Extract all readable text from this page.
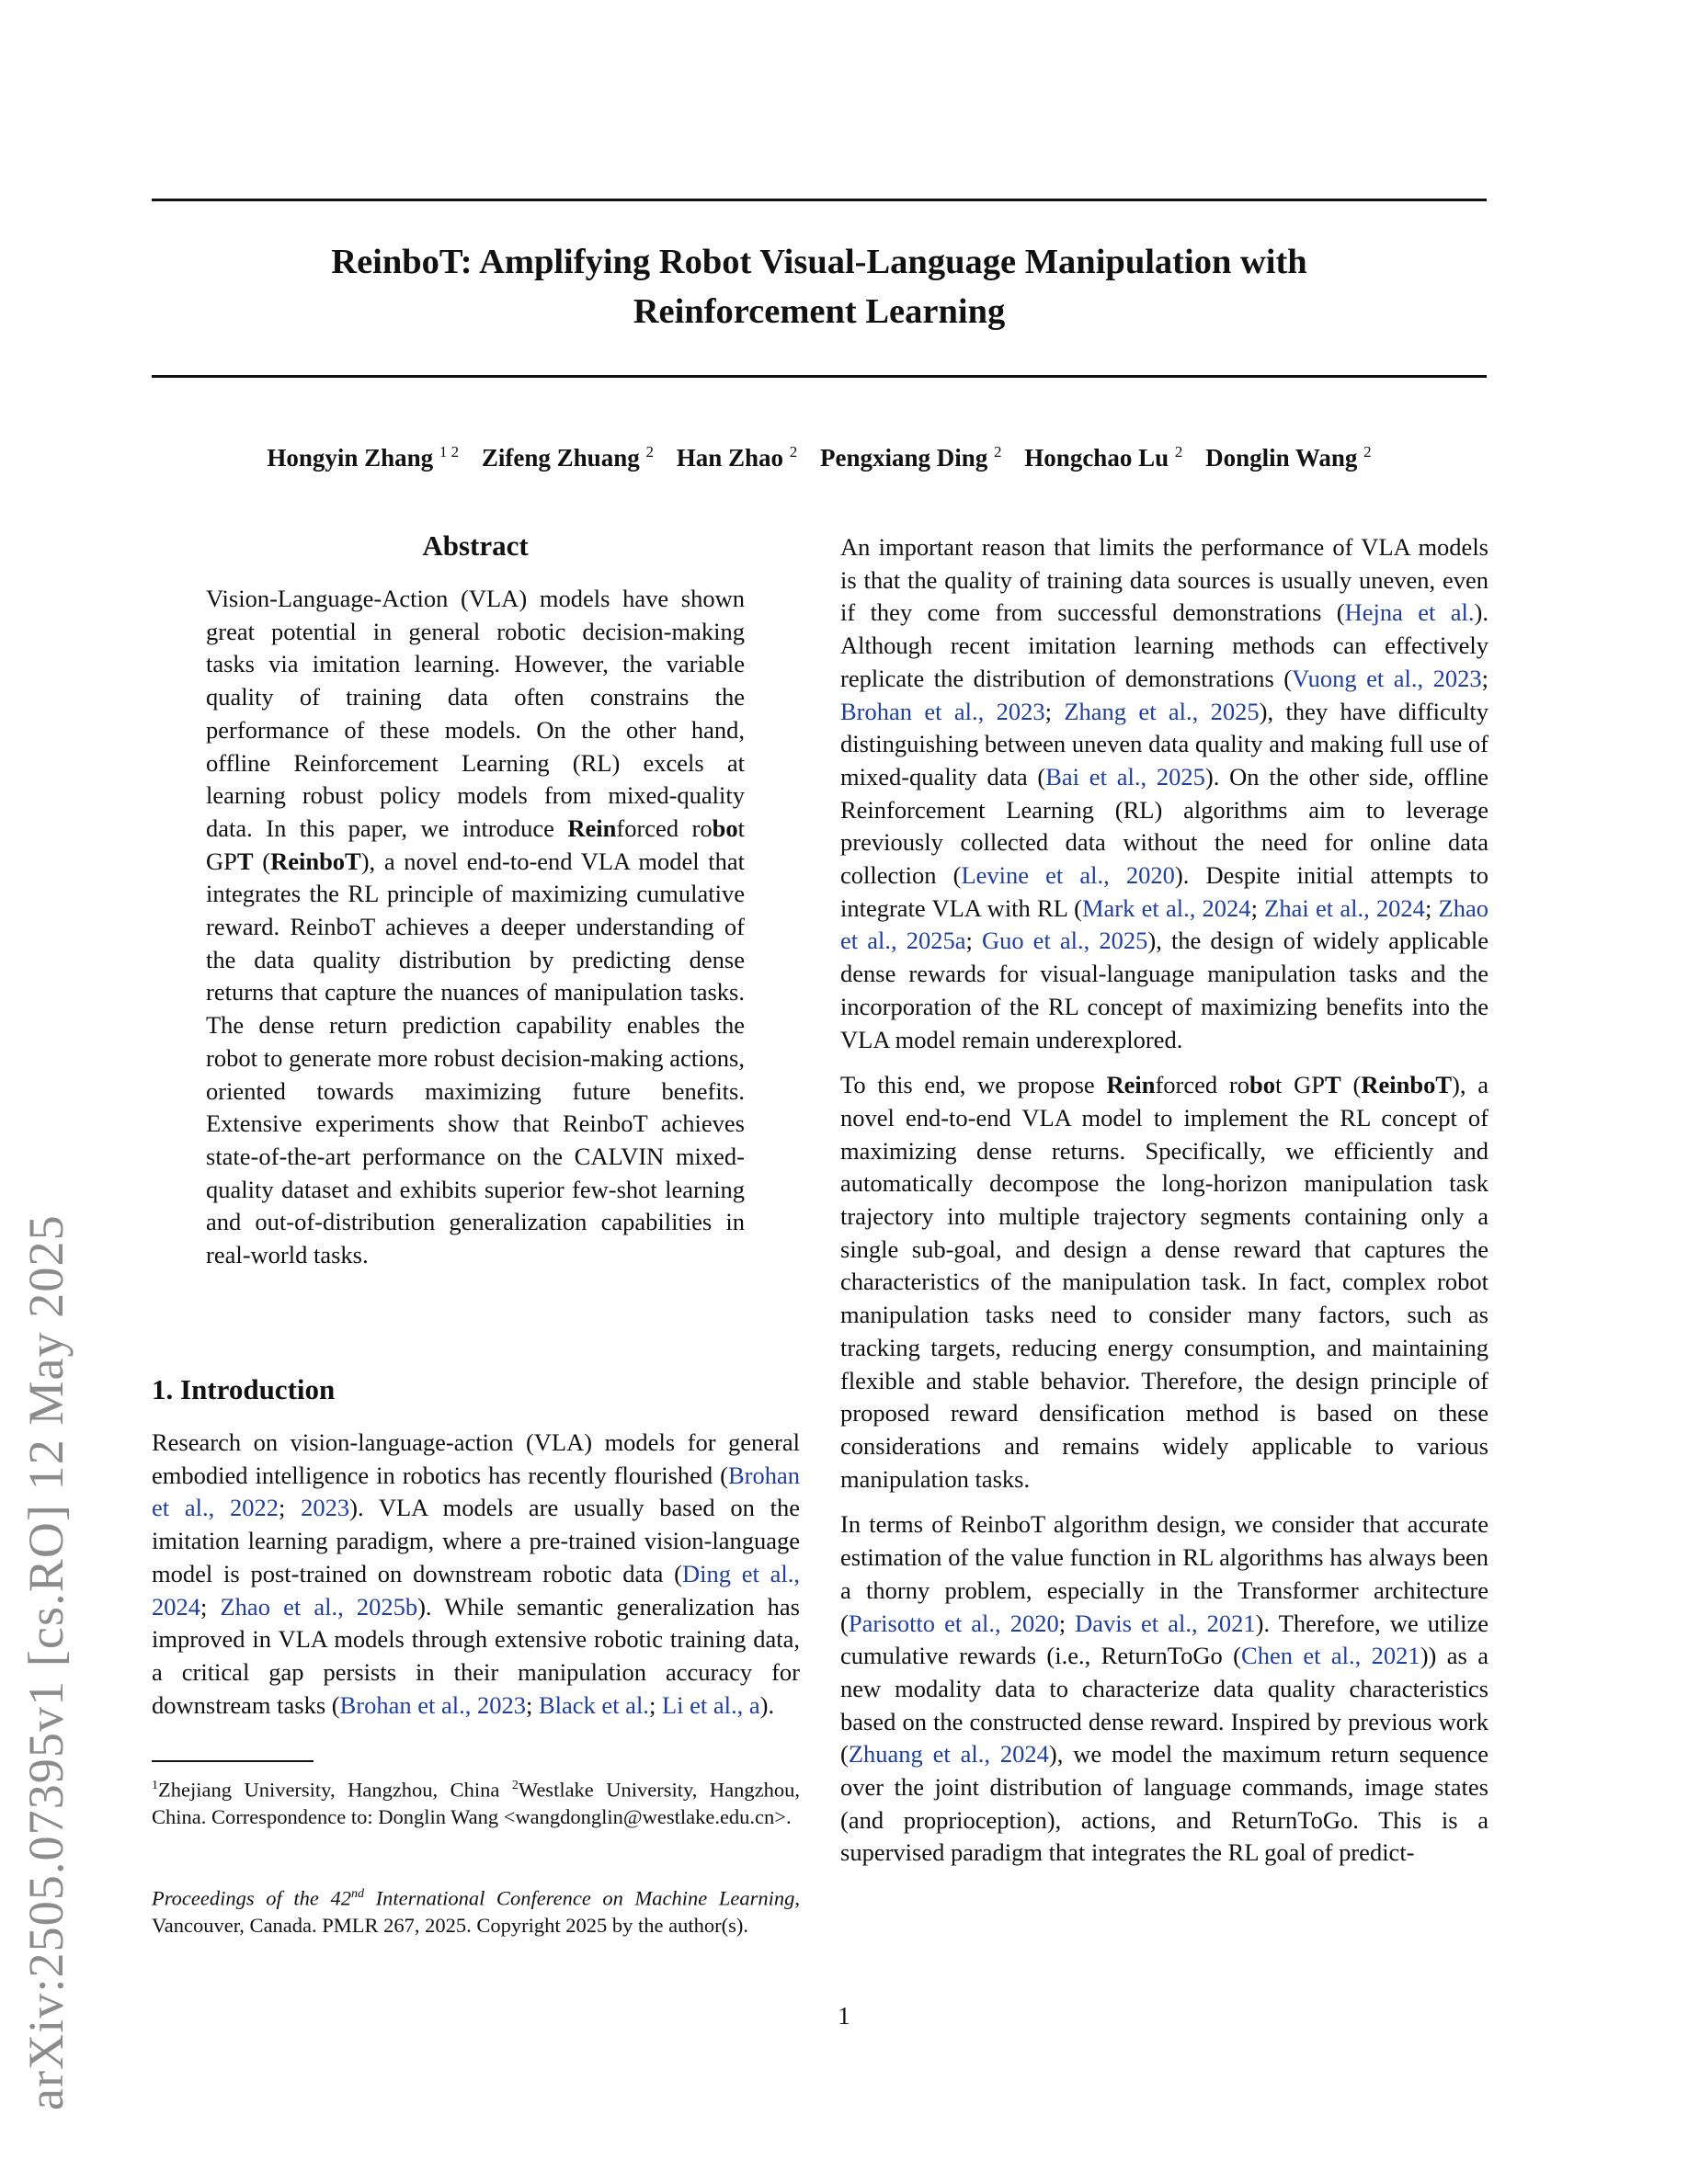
arXiv:2505.07395v1 [cs.RO] 12 May 2025
ReinboT: Amplifying Robot Visual-Language Manipulation with
Reinforcement Learning
Hongyin Zhang $^{1 2}$ Zifeng Zhuang $^2$ Han Zhao $^2$ Pengxiang Ding $^2$ Hongchao Lu $^2$ Donglin Wang $^2$
Abstract
Vision-Language-Action (VLA) models have shown great potential in general robotic decision-making tasks via imitation learning. However, the variable quality of training data often constrains the performance of these models. On the other hand, offline Reinforcement Learning (RL) excels at learning robust policy models from mixed-quality data. In this paper, we introduce Reinforced robot GPT (ReinboT), a novel end-to-end VLA model that integrates the RL principle of maximizing cumulative reward. ReinboT achieves a deeper understanding of the data quality distribution by predicting dense returns that capture the nuances of manipulation tasks. The dense return prediction capability enables the robot to generate more robust decision-making actions, oriented towards maximizing future benefits. Extensive experiments show that ReinboT achieves state-of-the-art performance on the CALVIN mixed-quality dataset and exhibits superior few-shot learning and out-of-distribution generalization capabilities in real-world tasks.
1. Introduction
Research on vision-language-action (VLA) models for general embodied intelligence in robotics has recently flourished (Brohan et al., 2022; 2023). VLA models are usually based on the imitation learning paradigm, where a pre-trained vision-language model is post-trained on downstream robotic data (Ding et al., 2024; Zhao et al., 2025b). While semantic generalization has improved in VLA models through extensive robotic training data, a critical gap persists in their manipulation accuracy for downstream tasks (Brohan et al., 2023; Black et al.; Li et al., a).
$^1$Zhejiang University, Hangzhou, China $^2$Westlake University, Hangzhou, China. Correspondence to: Donglin Wang <wangdonglin@westlake.edu.cn>.
Proceedings of the 42nd International Conference on Machine Learning, Vancouver, Canada. PMLR 267, 2025. Copyright 2025 by the author(s).

An important reason that limits the performance of VLA models is that the quality of training data sources is usually uneven, even if they come from successful demonstrations (Hejna et al.). Although recent imitation learning methods can effectively replicate the distribution of demonstrations (Vuong et al., 2023; Brohan et al., 2023; Zhang et al., 2025), they have difficulty distinguishing between uneven data quality and making full use of mixed-quality data (Bai et al., 2025). On the other side, offline Reinforcement Learning (RL) algorithms aim to leverage previously collected data without the need for online data collection (Levine et al., 2020). Despite initial attempts to integrate VLA with RL (Mark et al., 2024; Zhai et al., 2024; Zhao et al., 2025a; Guo et al., 2025), the design of widely applicable dense rewards for visual-language manipulation tasks and the incorporation of the RL concept of maximizing benefits into the VLA model remain underexplored.

To this end, we propose Reinforced robot GPT (ReinboT), a novel end-to-end VLA model to implement the RL concept of maximizing dense returns. Specifically, we efficiently and automatically decompose the long-horizon manipulation task trajectory into multiple trajectory segments containing only a single sub-goal, and design a dense reward that captures the characteristics of the manipulation task. In fact, complex robot manipulation tasks need to consider many factors, such as tracking targets, reducing energy consumption, and maintaining flexible and stable behavior. Therefore, the design principle of proposed reward densification method is based on these considerations and remains widely applicable to various manipulation tasks.

In terms of ReinboT algorithm design, we consider that accurate estimation of the value function in RL algorithms has always been a thorny problem, especially in the Transformer architecture (Parisotto et al., 2020; Davis et al., 2021). Therefore, we utilize cumulative rewards (i.e., ReturnToGo (Chen et al., 2021)) as a new modality data to characterize data quality characteristics based on the constructed dense reward. Inspired by previous work (Zhuang et al., 2024), we model the maximum return sequence over the joint distribution of language commands, image states (and proprioception), actions, and ReturnToGo. This is a supervised paradigm that integrates the RL goal of predict-

1
